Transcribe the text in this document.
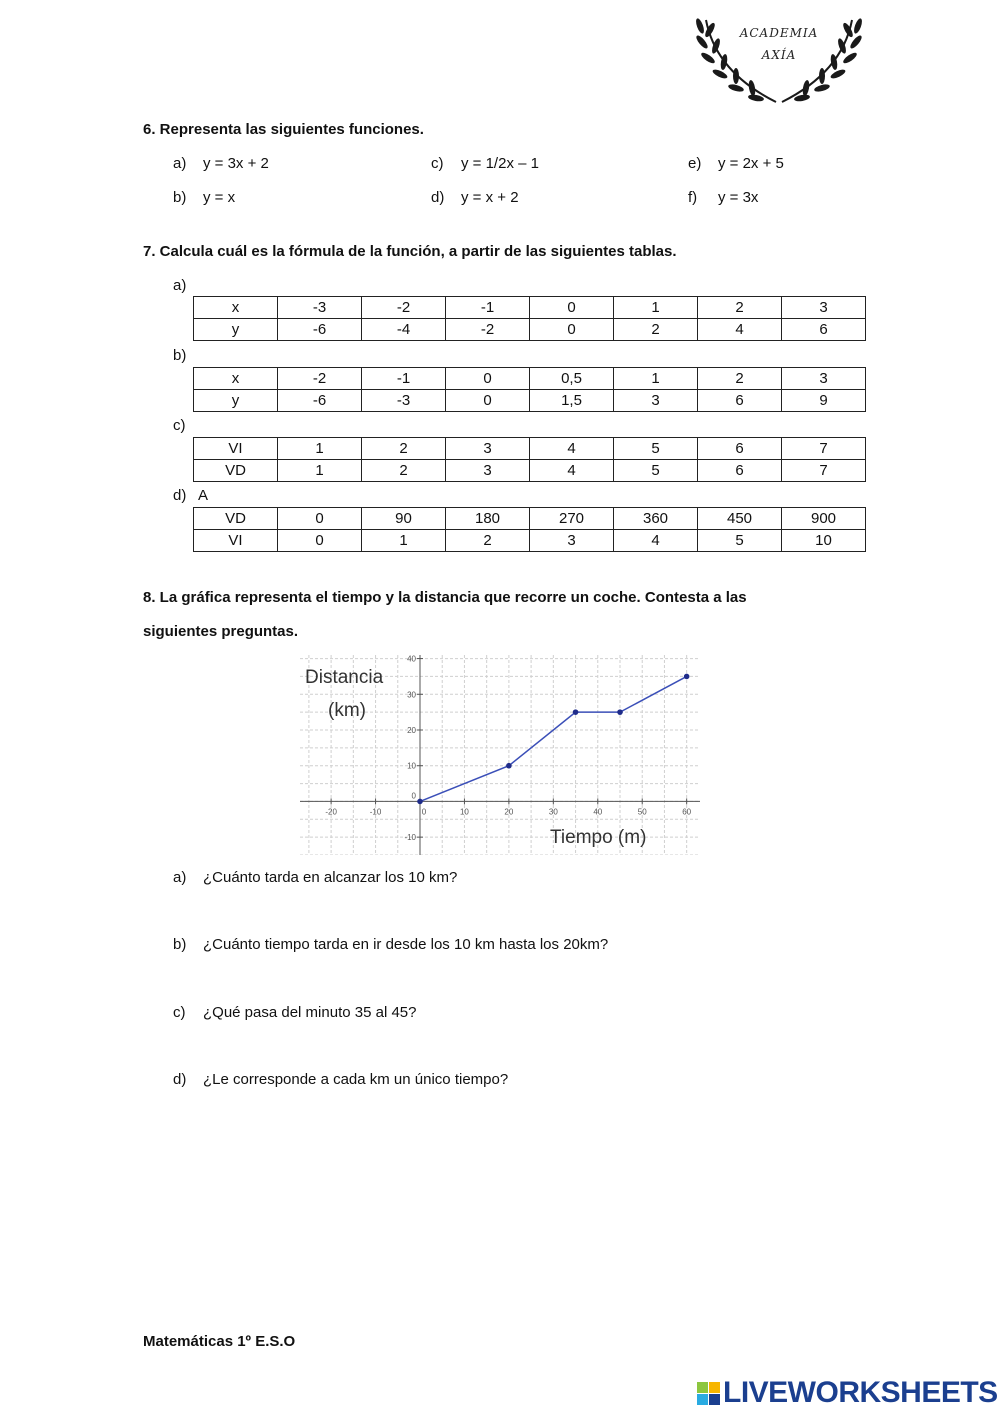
ACADEMIA
AXÍA
6. Representa las siguientes funciones.
a) y = 3x + 2	c) y = 1/2x – 1	e) y = 2x + 5
b) y = x	d) y = x + 2	f) y = 3x
7. Calcula cuál es la fórmula de la función, a partir de las siguientes tablas.
a)
x	-3	-2	-1	0	1	2	3
y	-6	-4	-2	0	2	4	6
b)
x	-2	-1	0	0,5	1	2	3
y	-6	-3	0	1,5	3	6	9
c)
VI	1	2	3	4	5	6	7
VD	1	2	3	4	5	6	7
d)   A
VD	0	90	180	270	360	450	900
VI	0	1	2	3	4	5	10
8. La gráfica representa el tiempo y la distancia que recorre un coche. Contesta a las
siguientes preguntas.
-20	-10	0	10	20	30	40	50	60
-10
10
20
30
40
0
Distancia
(km)
Tiempo (m)
a) ¿Cuánto tarda en alcanzar los 10 km?
b) ¿Cuánto tiempo tarda en ir desde los 10 km hasta los 20km?
c) ¿Qué pasa del minuto 35 al 45?
d) ¿Le corresponde a cada km un único tiempo?
Matemáticas 1º E.S.O
LIVEWORKSHEETS
